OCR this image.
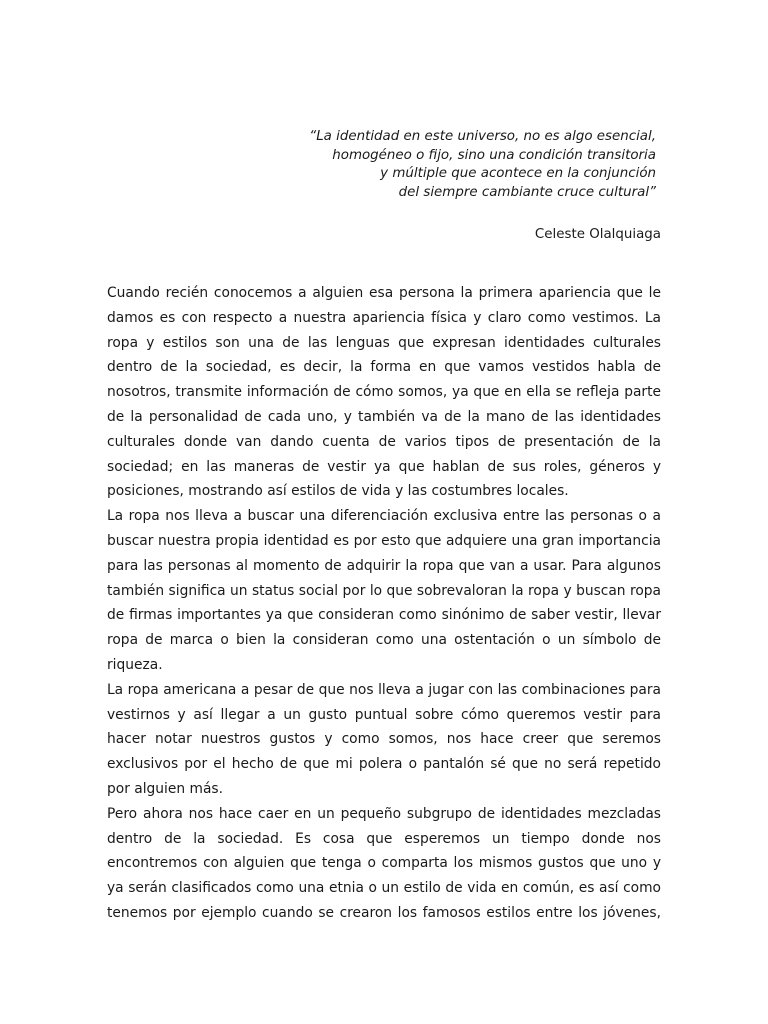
“La identidad en este universo, no es algo esencial,
homogéneo o fijo, sino una condición transitoria
y múltiple que acontece en la conjunción
del siempre cambiante cruce cultural”
Celeste Olalquiaga
Cuando recién conocemos a alguien esa persona la primera apariencia que le
damos es con respecto a nuestra apariencia física y claro como vestimos. La
ropa y estilos son una de las lenguas que expresan identidades culturales
dentro de la sociedad, es decir, la forma en que vamos vestidos habla de
nosotros, transmite información de cómo somos, ya que en ella se refleja parte
de la personalidad de cada uno, y también va de la mano de las identidades
culturales donde van dando cuenta de varios tipos de presentación de la
sociedad; en las maneras de vestir ya que hablan de sus roles, géneros y
posiciones, mostrando así estilos de vida y las costumbres locales.
La ropa nos lleva a buscar una diferenciación exclusiva entre las personas o a
buscar nuestra propia identidad es por esto que adquiere una gran importancia
para las personas al momento de adquirir la ropa que van a usar. Para algunos
también significa un status social por lo que sobrevaloran la ropa y buscan ropa
de firmas importantes ya que consideran como sinónimo de saber vestir, llevar
ropa de marca o bien la consideran como una ostentación o un símbolo de
riqueza.
La ropa americana a pesar de que nos lleva a jugar con las combinaciones para
vestirnos y así llegar a un gusto puntual sobre cómo queremos vestir para
hacer notar nuestros gustos y como somos, nos hace creer que seremos
exclusivos por el hecho de que mi polera o pantalón sé que no será repetido
por alguien más.
Pero ahora nos hace caer en un pequeño subgrupo de identidades mezcladas
dentro de la sociedad. Es cosa que esperemos un tiempo donde nos
encontremos con alguien que tenga o comparta los mismos gustos que uno y
ya serán clasificados como una etnia o un estilo de vida en común, es así como
tenemos por ejemplo cuando se crearon los famosos estilos entre los jóvenes,
